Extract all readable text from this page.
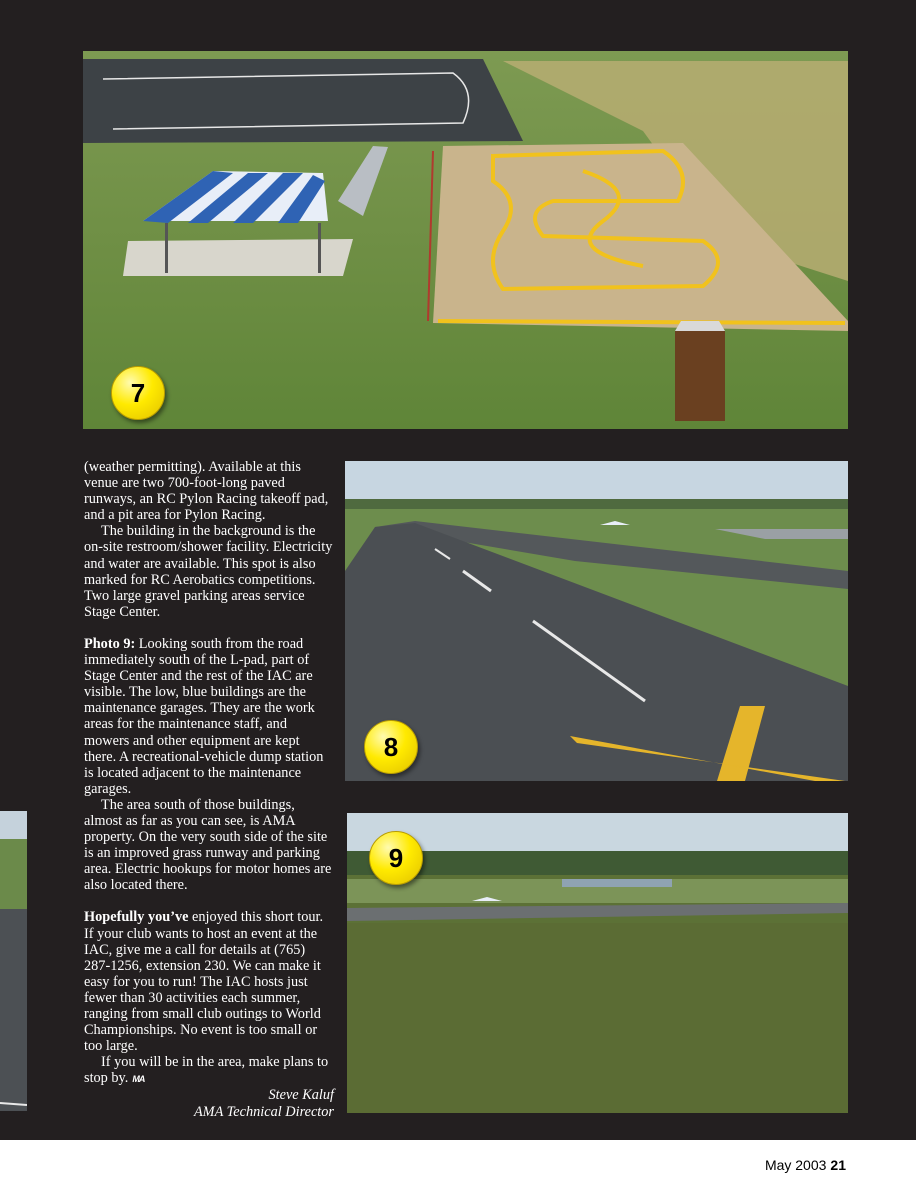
7
8
9

(weather permitting). Available at this venue are two 700-foot-long paved runways, an RC Pylon Racing takeoff pad, and a pit area for Pylon Racing.

The building in the background is the on-site restroom/shower facility. Electricity and water are available. This spot is also marked for RC Aerobatics competitions. Two large gravel parking areas service Stage Center.

Photo 9: Looking south from the road immediately south of the L-pad, part of Stage Center and the rest of the IAC are visible. The low, blue buildings are the maintenance garages. They are the work areas for the maintenance staff, and mowers and other equipment are kept there. A recreational-vehicle dump station is located adjacent to the maintenance garages.

The area south of those buildings, almost as far as you can see, is AMA property. On the very south side of the site is an improved grass runway and parking area. Electric hookups for motor homes are also located there.

Hopefully you’ve enjoyed this short tour. If your club wants to host an event at the IAC, give me a call for details at (765) 287-1256, extension 230. We can make it easy for you to run! The IAC hosts just fewer than 30 activities each summer, ranging from small club outings to World Championships. No event is too small or too large.

If you will be in the area, make plans to stop by. MA

Steve Kaluf

AMA Technical Director

May 2003 21
